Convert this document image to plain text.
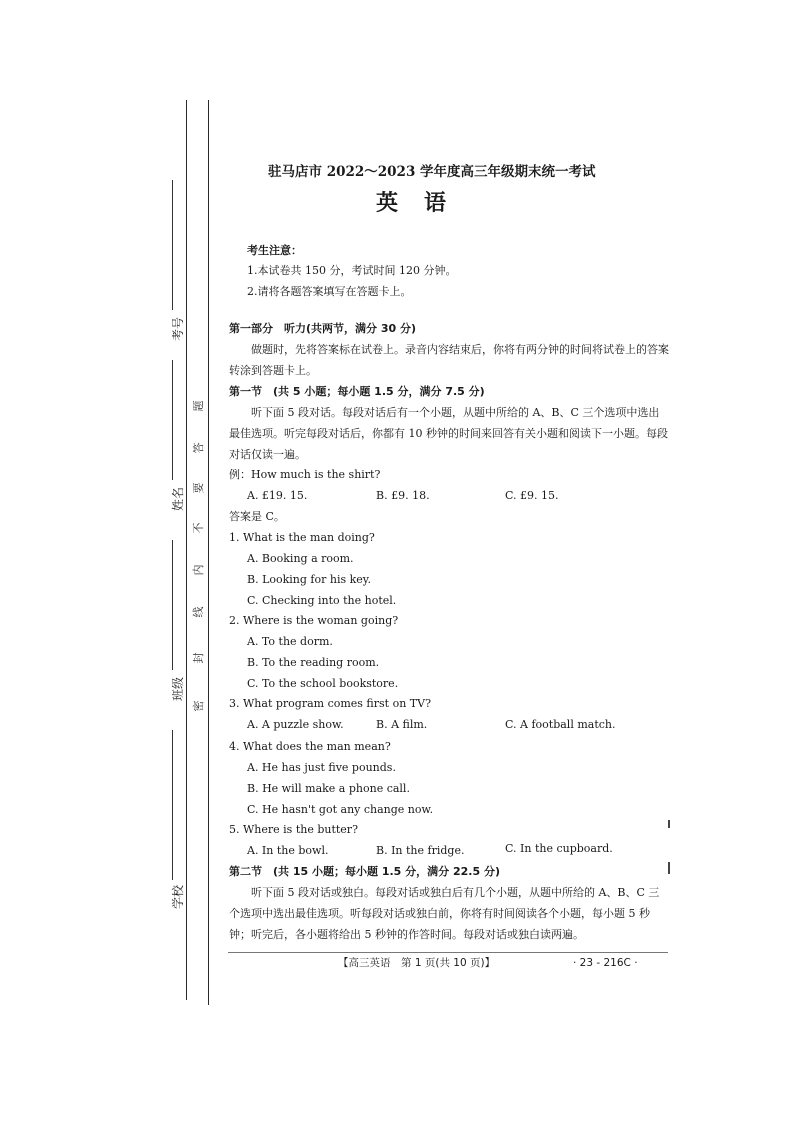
考号
姓名
班级
学校
密
封
线
内
不
要
答
题
驻马店市 2022～2023 学年度高三年级期末统一考试
英　语
考生注意：
1.本试卷共 150 分，考试时间 120 分钟。
2.请将各题答案填写在答题卡上。
第一部分　听力(共两节，满分 30 分)
做题时，先将答案标在试卷上。录音内容结束后，你将有两分钟的时间将试卷上的答案转涂到答题卡上。
第一节　(共 5 小题；每小题 1.5 分，满分 7.5 分)
听下面 5 段对话。每段对话后有一个小题，从题中所给的 A、B、C 三个选项中选出最佳选项。听完每段对话后，你都有 10 秒钟的时间来回答有关小题和阅读下一小题。每段对话仅读一遍。
例：How much is the shirt?
A. £19. 15.	B. £9. 18.	C. £9. 15.
答案是 C。
1. What is the man doing?
A. Booking a room.
B. Looking for his key.
C. Checking into the hotel.
2. Where is the woman going?
A. To the dorm.
B. To the reading room.
C. To the school bookstore.
3. What program comes first on TV?
A. A puzzle show.	B. A film.	C. A football match.
4. What does the man mean?
A. He has just five pounds.
B. He will make a phone call.
C. He hasn't got any change now.
5. Where is the butter?
A. In the bowl.	B. In the fridge.	C. In the cupboard.
第二节　(共 15 小题；每小题 1.5 分，满分 22.5 分)
听下面 5 段对话或独白。每段对话或独白后有几个小题，从题中所给的 A、B、C 三个选项中选出最佳选项。听每段对话或独白前，你将有时间阅读各个小题，每小题 5 秒钟；听完后，各小题将给出 5 秒钟的作答时间。每段对话或独白读两遍。
【高三英语　第 1 页(共 10 页)】	· 23 - 216C ·
